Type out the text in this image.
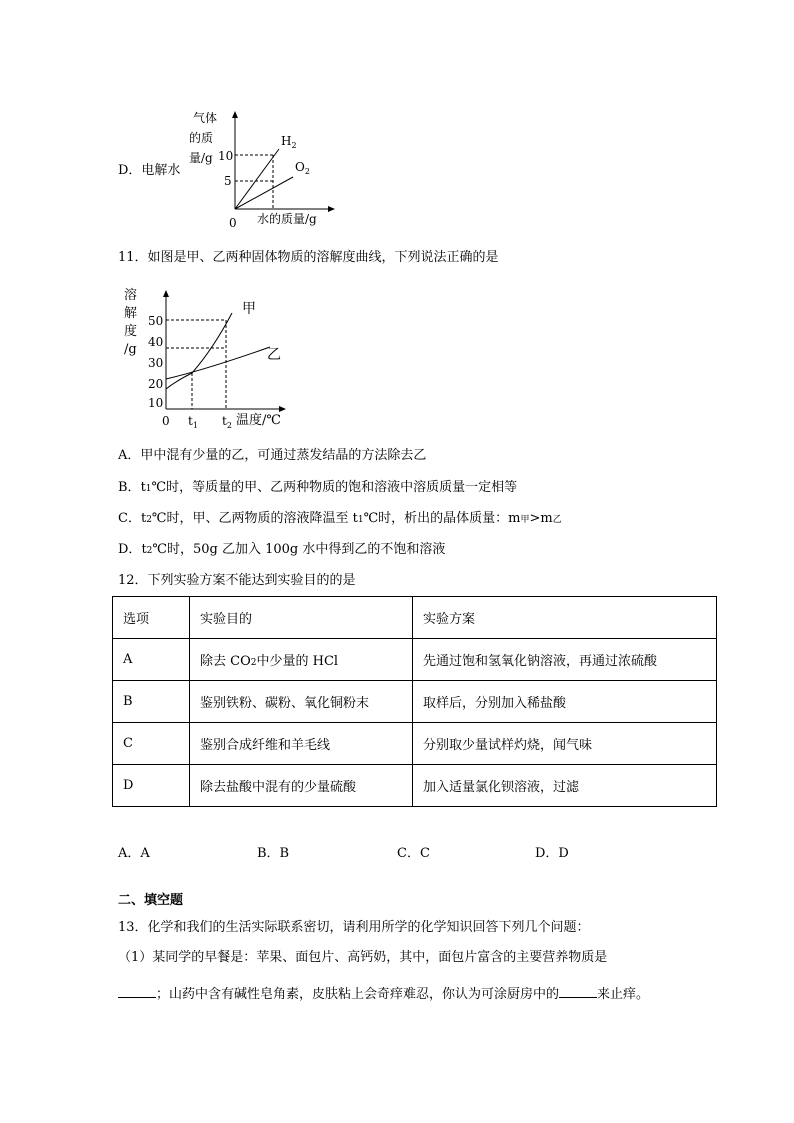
D．电解水
气体
的质
量/g 10
5
0 水的质量/g
$H_2$
$O_2$
11．如图是甲、乙两种固体物质的溶解度曲线，下列说法正确的是
溶
解
度
/g
50
40
30
20
10
0 $t_1$ $t_2$ 温度/℃
甲
乙
A．甲中混有少量的乙，可通过蒸发结晶的方法除去乙
B．t1℃时，等质量的甲、乙两种物质的饱和溶液中溶质质量一定相等
C．t2℃时，甲、乙两物质的溶液降温至 t1℃时，析出的晶体质量：m甲>m乙
D．t2℃时，50g 乙加入 100g 水中得到乙的不饱和溶液
12．下列实验方案不能达到实验目的的是
选项	实验目的	实验方案
A	除去 CO2中少量的 HCl	先通过饱和氢氧化钠溶液，再通过浓硫酸
B	鉴别铁粉、碳粉、氧化铜粉末	取样后，分别加入稀盐酸
C	鉴别合成纤维和羊毛线	分别取少量试样灼烧，闻气味
D	除去盐酸中混有的少量硫酸	加入适量氯化钡溶液，过滤
A．A	B．B	C．C	D．D
二、填空题
13．化学和我们的生活实际联系密切，请利用所学的化学知识回答下列几个问题：
（1）某同学的早餐是：苹果、面包片、高钙奶，其中，面包片富含的主要营养物质是
；山药中含有碱性皂角素，皮肤粘上会奇痒难忍，你认为可涂厨房中的	来止痒。
